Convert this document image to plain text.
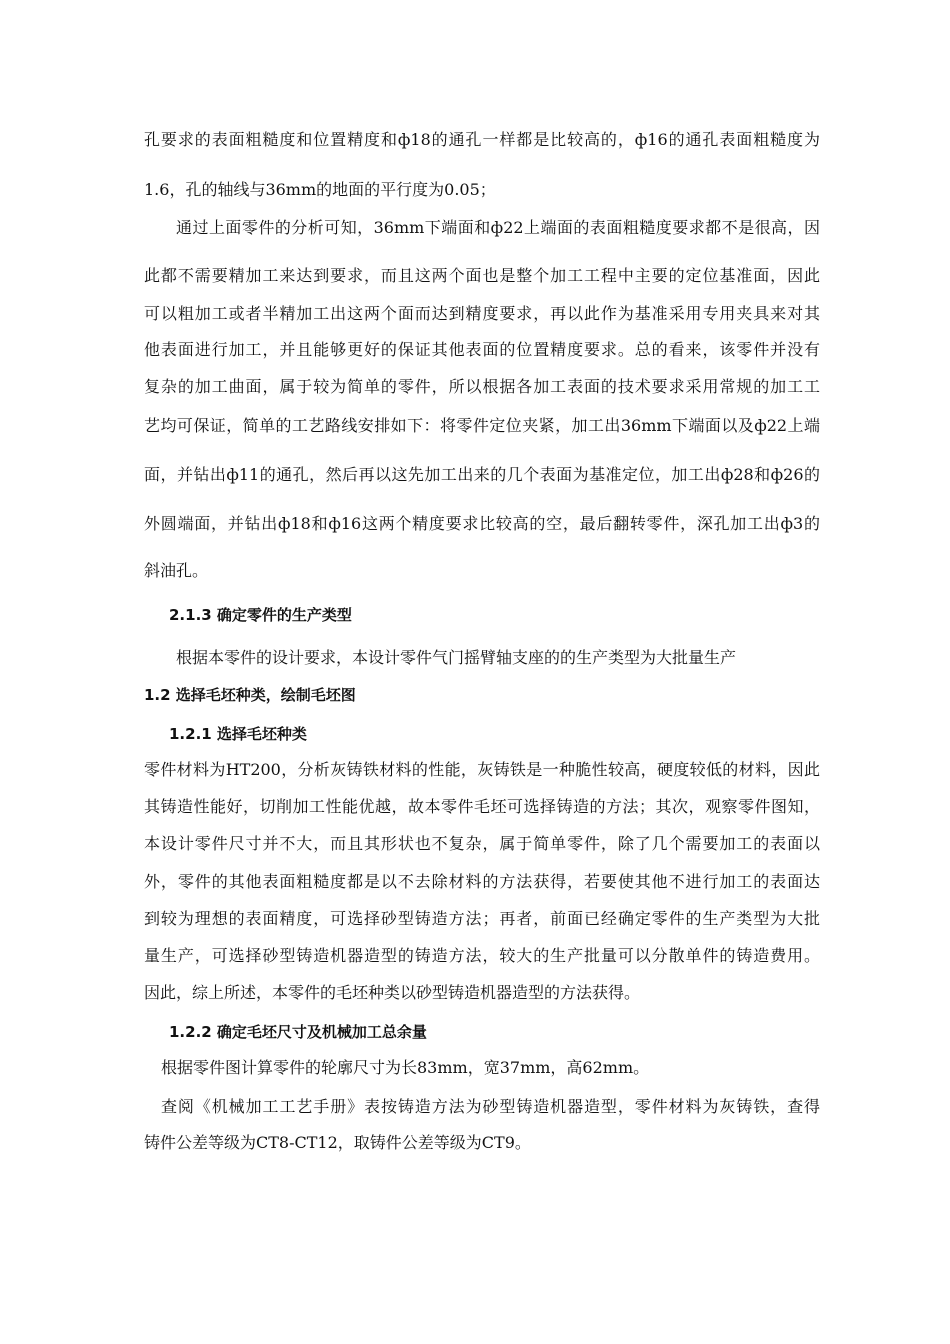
孔要求的表面粗糙度和位置精度和ф18的通孔一样都是比较高的，ф16的通孔表面粗糙度为
1.6，孔的轴线与36mm的地面的平行度为0.05；
通过上面零件的分析可知，36mm下端面和ф22上端面的表面粗糙度要求都不是很高，因
此都不需要精加工来达到要求，而且这两个面也是整个加工工程中主要的定位基准面，因此
可以粗加工或者半精加工出这两个面而达到精度要求，再以此作为基准采用专用夹具来对其
他表面进行加工，并且能够更好的保证其他表面的位置精度要求。总的看来，该零件并没有
复杂的加工曲面，属于较为简单的零件，所以根据各加工表面的技术要求采用常规的加工工
艺均可保证，简单的工艺路线安排如下：将零件定位夹紧，加工出36mm下端面以及ф22上端
面，并钻出ф11的通孔，然后再以这先加工出来的几个表面为基准定位，加工出ф28和ф26的
外圆端面，并钻出ф18和ф16这两个精度要求比较高的空，最后翻转零件，深孔加工出ф3的
斜油孔。
2.1.3 确定零件的生产类型
根据本零件的设计要求，本设计零件气门摇臂轴支座的的生产类型为大批量生产
1.2 选择毛坯种类，绘制毛坯图
1.2.1 选择毛坯种类
零件材料为HT200，分析灰铸铁材料的性能，灰铸铁是一种脆性较高，硬度较低的材料，因此
其铸造性能好，切削加工性能优越，故本零件毛坯可选择铸造的方法；其次，观察零件图知，
本设计零件尺寸并不大，而且其形状也不复杂，属于简单零件，除了几个需要加工的表面以
外，零件的其他表面粗糙度都是以不去除材料的方法获得，若要使其他不进行加工的表面达
到较为理想的表面精度，可选择砂型铸造方法；再者，前面已经确定零件的生产类型为大批
量生产，可选择砂型铸造机器造型的铸造方法，较大的生产批量可以分散单件的铸造费用。
因此，综上所述，本零件的毛坯种类以砂型铸造机器造型的方法获得。
1.2.2 确定毛坯尺寸及机械加工总余量
根据零件图计算零件的轮廓尺寸为长83mm，宽37mm，高62mm。
查阅《机械加工工艺手册》表按铸造方法为砂型铸造机器造型，零件材料为灰铸铁，查得
铸件公差等级为CT8-CT12，取铸件公差等级为CT9。
